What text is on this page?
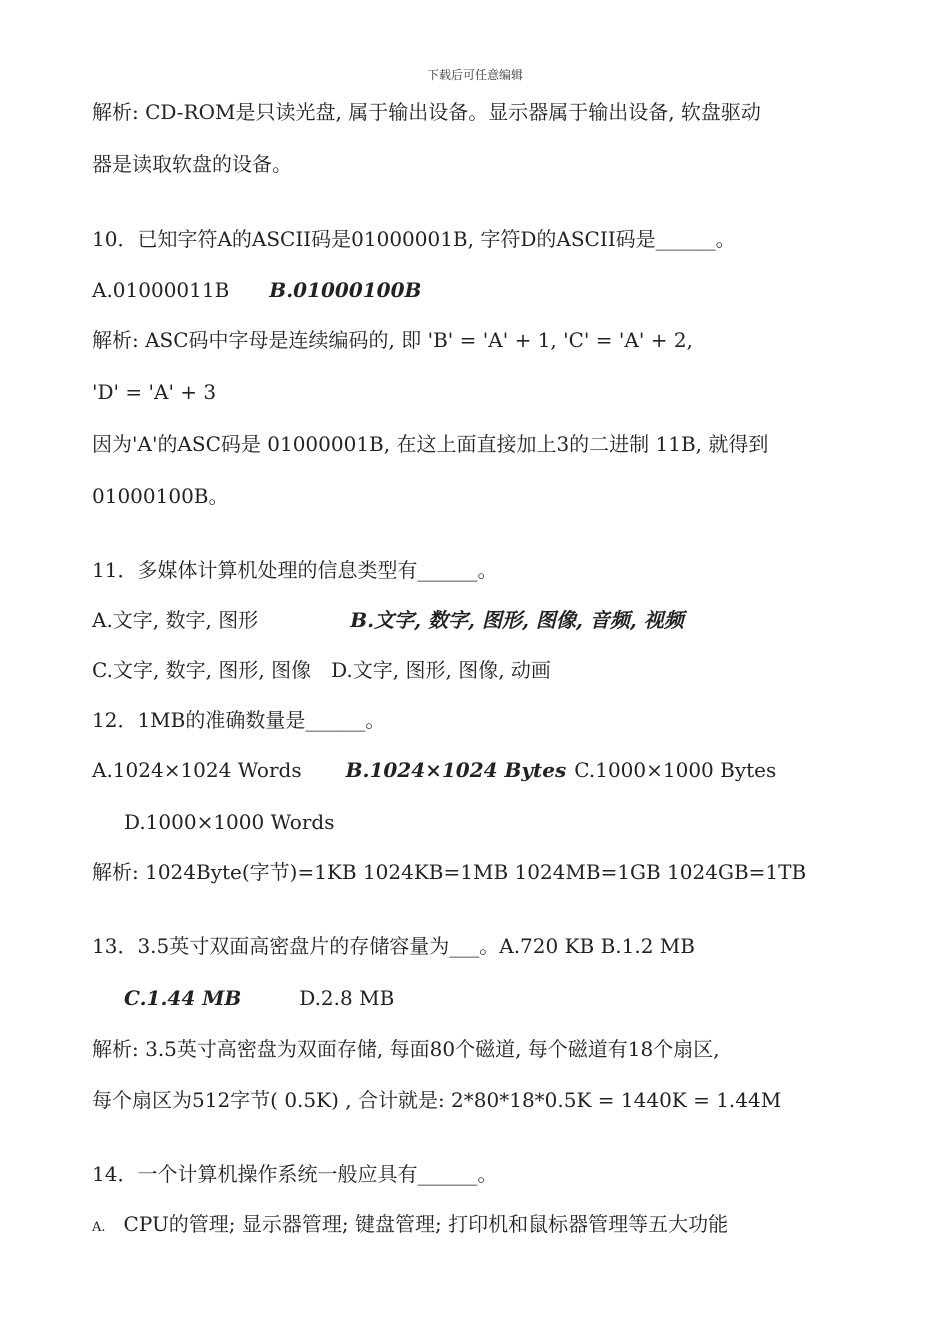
下载后可任意编辑
解析: CD-ROM是只读光盘, 属于输出设备。显示器属于输出设备, 软盘驱动
器是读取软盘的设备。
10．已知字符A的ASCII码是01000001B, 字符D的ASCII码是______。
A.01000011B B.01000100B
解析: ASC码中字母是连续编码的, 即 'B' = 'A' + 1, 'C' = 'A' + 2,
'D' = 'A' + 3
因为'A'的ASC码是 01000001B, 在这上面直接加上3的二进制 11B, 就得到
01000100B。
11．多媒体计算机处理的信息类型有______。
A.文字, 数字, 图形	B.文字, 数字, 图形, 图像, 音频, 视频
C.文字, 数字, 图形, 图像 D.文字, 图形, 图像, 动画
12．1MB的准确数量是______。
A.1024×1024 Words B.1024×1024 Bytes C.1000×1000 Bytes
D.1000×1000 Words
解析: 1024Byte(字节)=1KB 1024KB=1MB 1024MB=1GB 1024GB=1TB
13．3.5英寸双面高密盘片的存储容量为___。A.720 KB B.1.2 MB
C.1.44 MB	D.2.8 MB
解析: 3.5英寸高密盘为双面存储, 每面80个磁道, 每个磁道有18个扇区,
每个扇区为512字节( 0.5K) , 合计就是: 2*80*18*0.5K = 1440K = 1.44M
14．一个计算机操作系统一般应具有______。
A. CPU的管理; 显示器管理; 键盘管理; 打印机和鼠标器管理等五大功能
